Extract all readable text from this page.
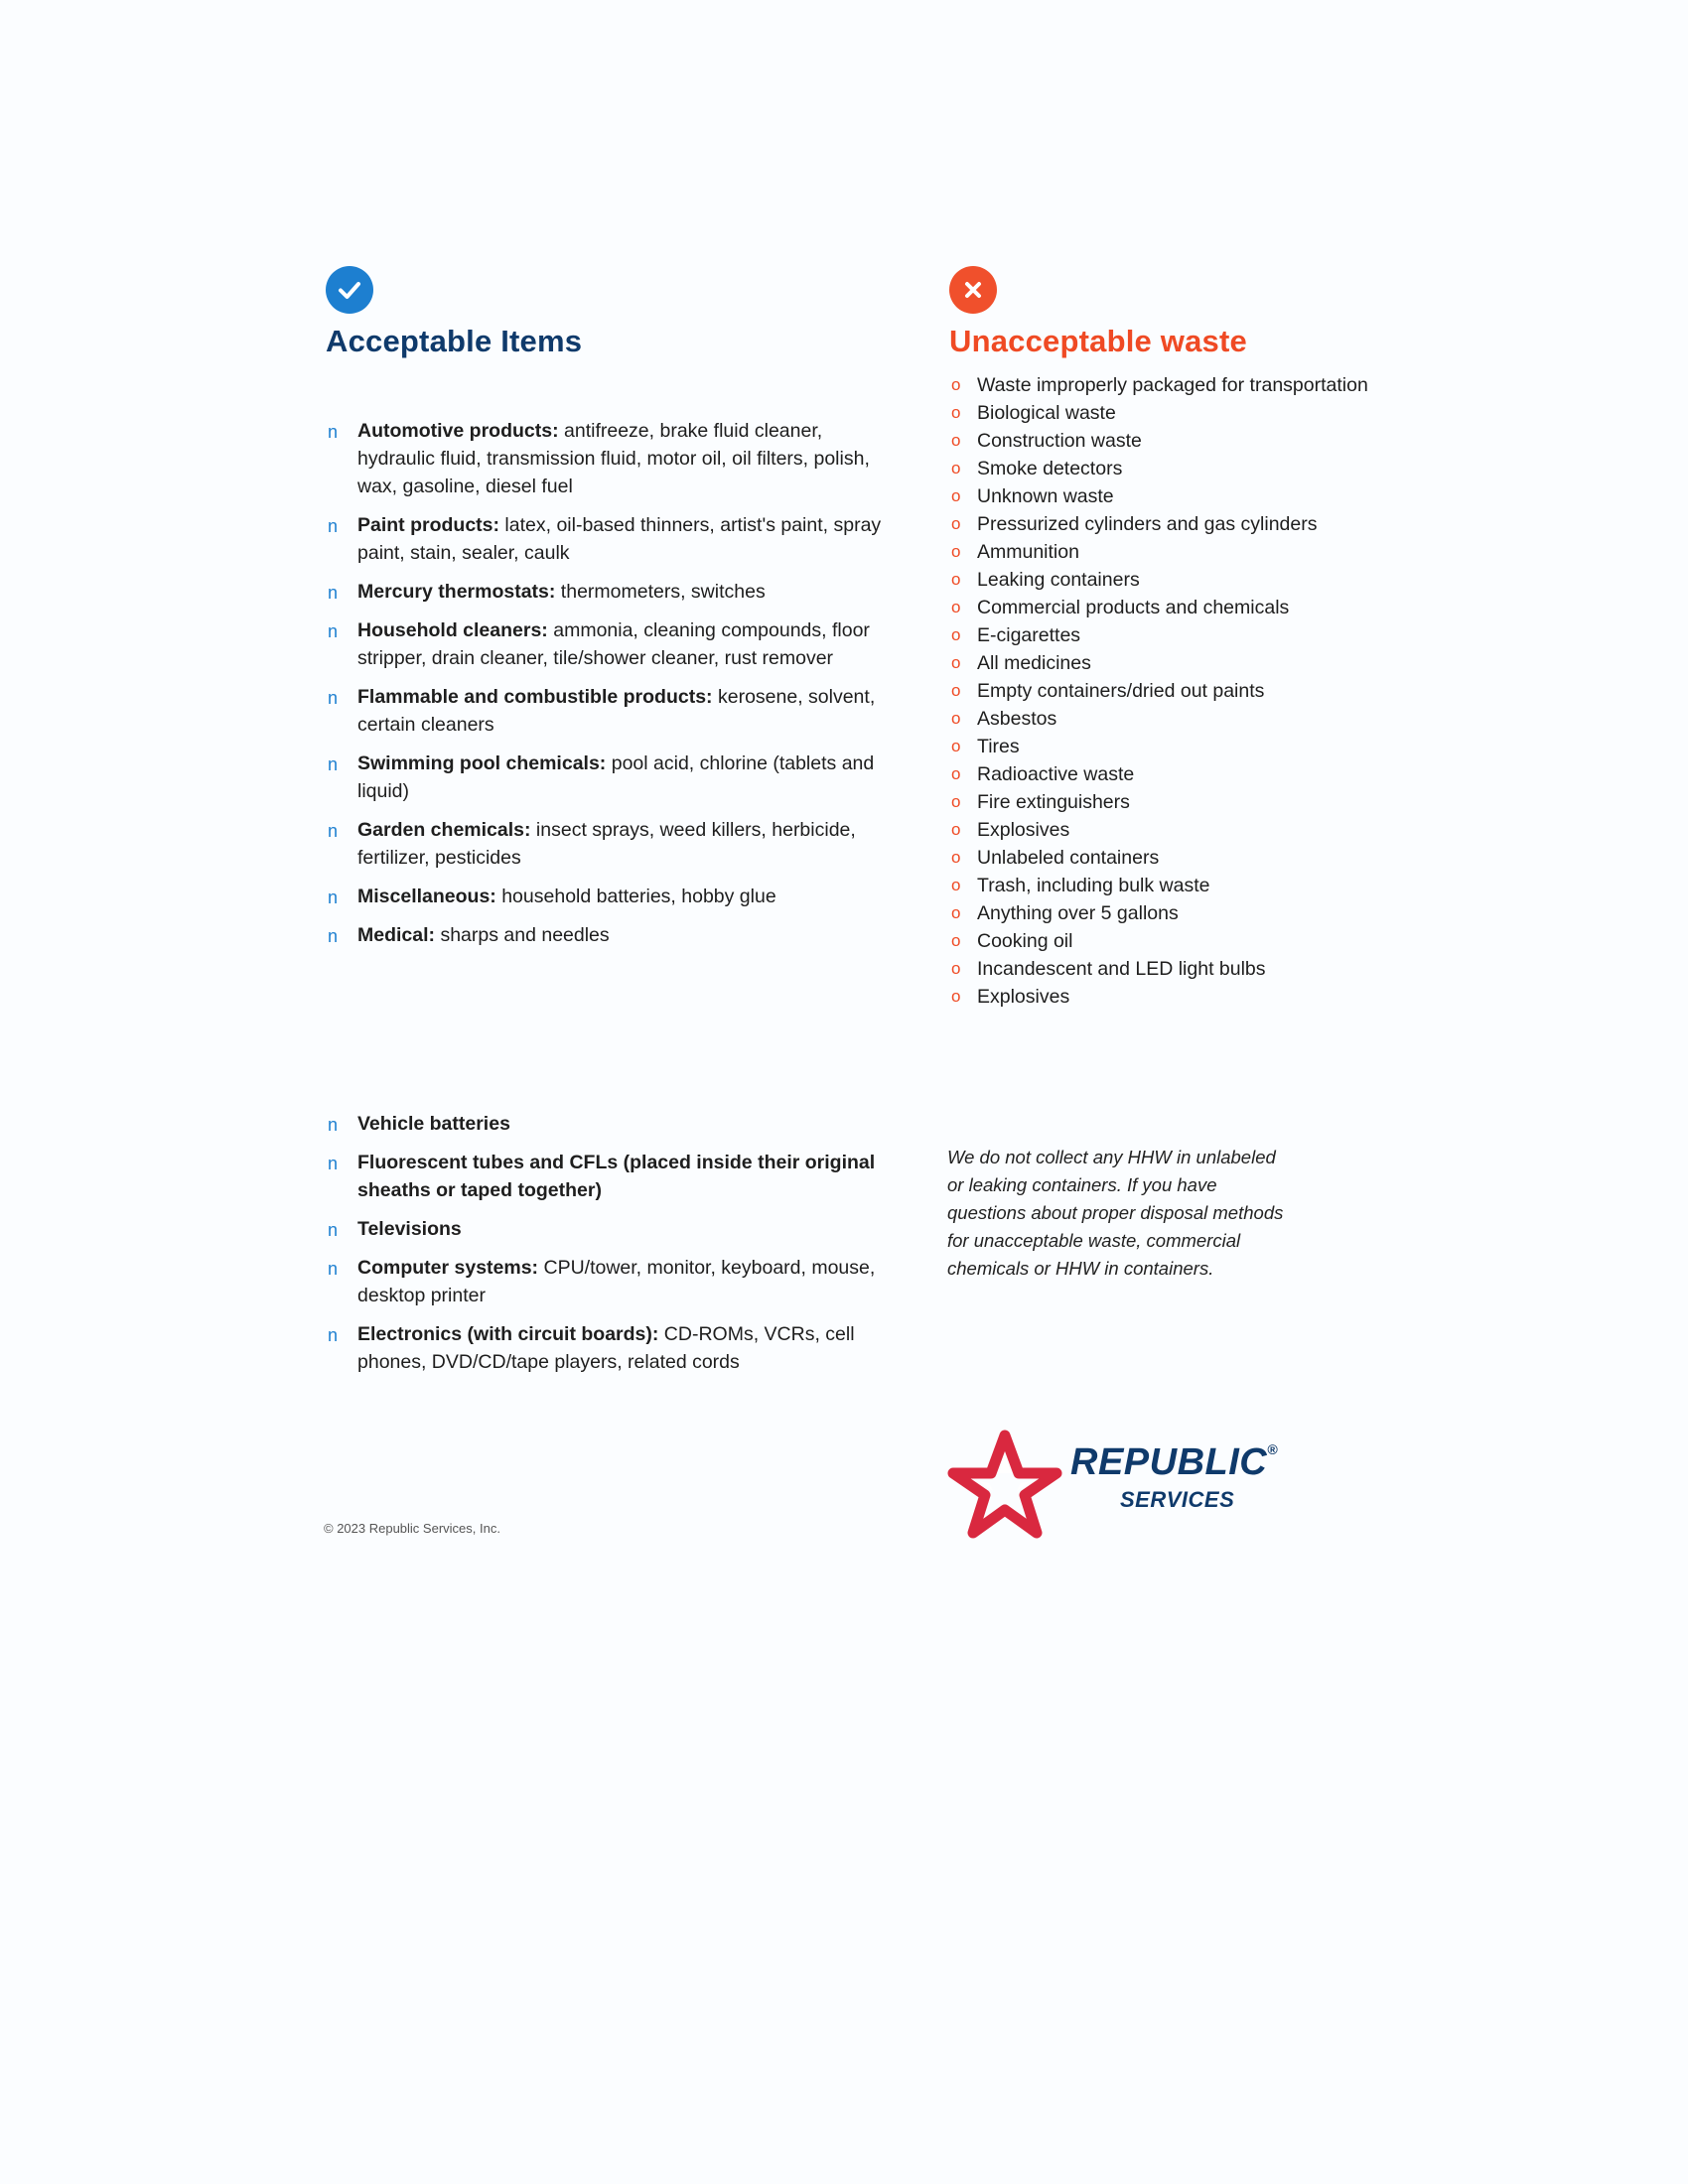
Acceptable Items
n Automotive products: antifreeze, brake fluid cleaner, hydraulic fluid, transmission fluid, motor oil, oil filters, polish, wax, gasoline, diesel fuel
n Paint products: latex, oil-based thinners, artist's paint, spray paint, stain, sealer, caulk
n Mercury thermostats: thermometers, switches
n Household cleaners: ammonia, cleaning compounds, floor stripper, drain cleaner, tile/shower cleaner, rust remover
n Flammable and combustible products: kerosene, solvent, certain cleaners
n Swimming pool chemicals: pool acid, chlorine (tablets and liquid)
n Garden chemicals: insect sprays, weed killers, herbicide, fertilizer, pesticides
n Miscellaneous: household batteries, hobby glue
n Medical: sharps and needles
n Vehicle batteries
n Fluorescent tubes and CFLs (placed inside their original sheaths or taped together)
n Televisions
n Computer systems: CPU/tower, monitor, keyboard, mouse, desktop printer
n Electronics (with circuit boards): CD-ROMs, VCRs, cell phones, DVD/CD/tape players, related cords
Unacceptable waste
o Waste improperly packaged for transportation
o Biological waste
o Construction waste
o Smoke detectors
o Unknown waste
o Pressurized cylinders and gas cylinders
o Ammunition
o Leaking containers
o Commercial products and chemicals
o E-cigarettes
o All medicines
o Empty containers/dried out paints
o Asbestos
o Tires
o Radioactive waste
o Fire extinguishers
o Explosives
o Unlabeled containers
o Trash, including bulk waste
o Anything over 5 gallons
o Cooking oil
o Incandescent and LED light bulbs
o Explosives
We do not collect any HHW in unlabeled or leaking containers. If you have questions about proper disposal methods for unacceptable waste, commercial chemicals or HHW in containers.
REPUBLIC®
SERVICES
© 2023 Republic Services, Inc.
